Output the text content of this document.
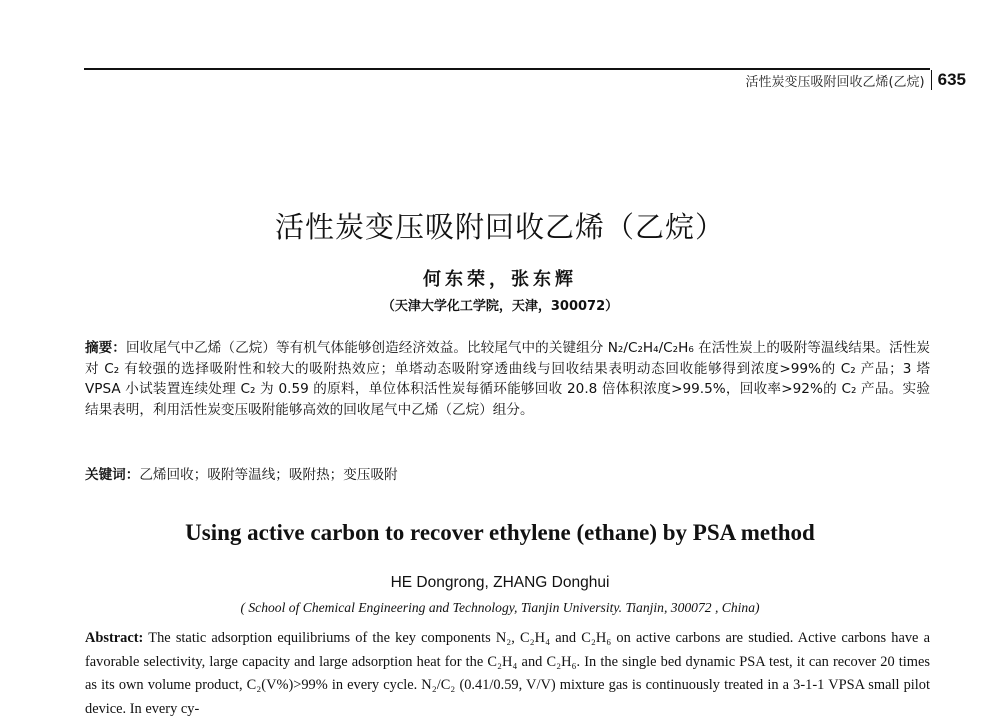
活性炭变压吸附回收乙烯(乙烷) 635
活性炭变压吸附回收乙烯（乙烷）
何东荣，张东辉
（天津大学化工学院，天津，300072）
摘要：回收尾气中乙烯（乙烷）等有机气体能够创造经济效益。比较尾气中的关键组分 N₂/C₂H₄/C₂H₆ 在活性炭上的吸附等温线结果。活性炭对 C₂ 有较强的选择吸附性和较大的吸附热效应；单塔动态吸附穿透曲线与回收结果表明动态回收能够得到浓度>99%的 C₂ 产品；3 塔 VPSA 小试装置连续处理 C₂ 为 0.59 的原料，单位体积活性炭每循环能够回收 20.8 倍体积浓度>99.5%，回收率>92%的 C₂ 产品。实验结果表明，利用活性炭变压吸附能够高效的回收尾气中乙烯（乙烷）组分。
关键词：乙烯回收；吸附等温线；吸附热；变压吸附
Using active carbon to recover ethylene (ethane) by PSA method
HE Dongrong, ZHANG Donghui
( School of Chemical Engineering and Technology, Tianjin University. Tianjin, 300072 , China)
Abstract: The static adsorption equilibriums of the key components N₂, C₂H₄ and C₂H₆ on active carbons are studied. Active carbons have a favorable selectivity, large capacity and large adsorption heat for the C₂H₄ and C₂H₆. In the single bed dynamic PSA test, it can recover 20 times as its own volume product, C₂(V%)>99% in every cycle. N₂/C₂ (0.41/0.59, V/V) mixture gas is continuously treated in a 3-1-1 VPSA small pilot device. In every cy-
